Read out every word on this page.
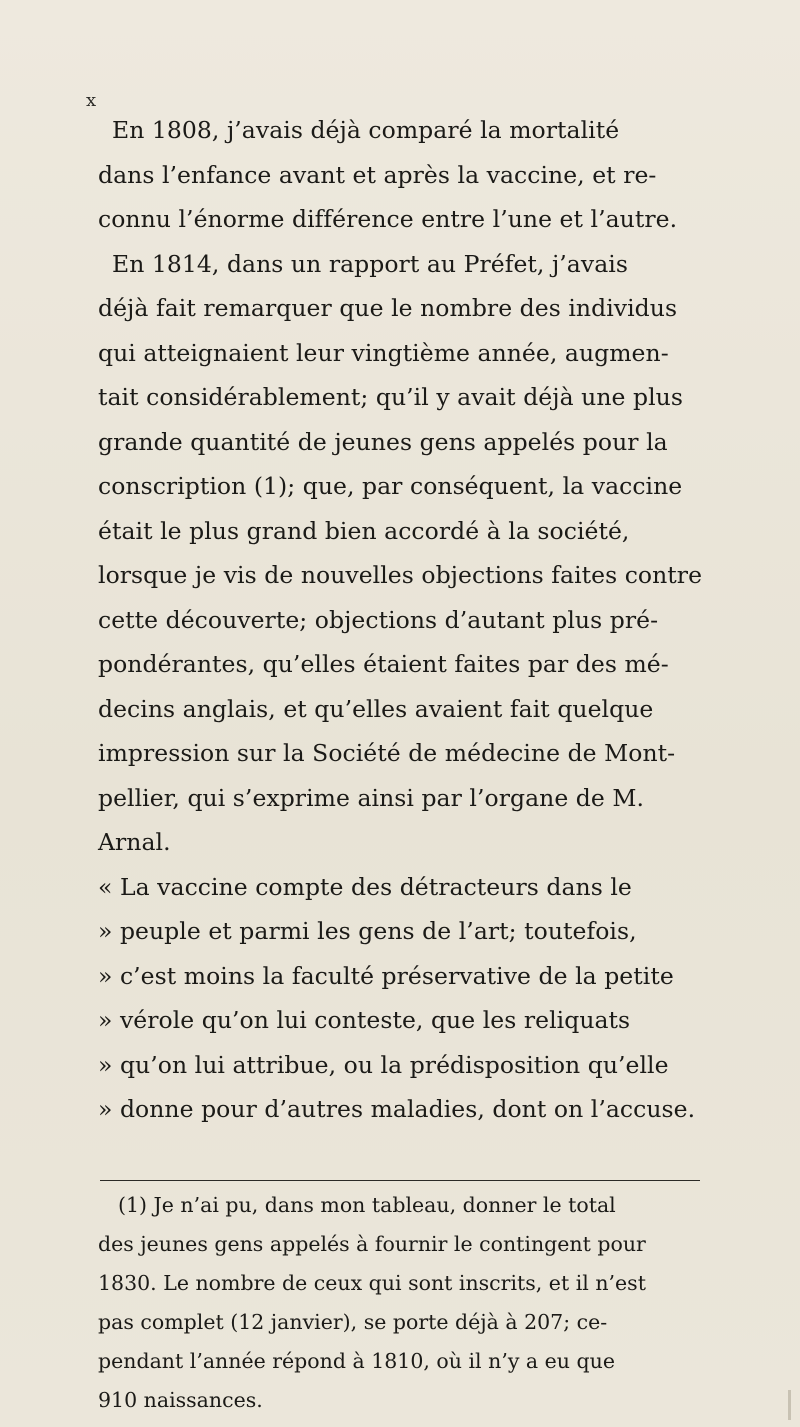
x
En 1808, j’avais déjà comparé la mortalité
dans l’enfance avant et après la vaccine, et re-
connu l’énorme différence entre l’une et l’autre.
En 1814, dans un rapport au Préfet, j’avais
déjà fait remarquer que le nombre des individus
qui atteignaient leur vingtième année, augmen-
tait considérablement; qu’il y avait déjà une plus
grande quantité de jeunes gens appelés pour la
conscription (1); que, par conséquent, la vaccine
était le plus grand bien accordé à la société,
lorsque je vis de nouvelles objections faites contre
cette découverte; objections d’autant plus pré-
pondérantes, qu’elles étaient faites par des mé-
decins anglais, et qu’elles avaient fait quelque
impression sur la Société de médecine de Mont-
pellier, qui s’exprime ainsi par l’organe de M.
Arnal.
« La vaccine compte des détracteurs dans le
» peuple et parmi les gens de l’art; toutefois,
» c’est moins la faculté préservative de la petite
» vérole qu’on lui conteste, que les reliquats
» qu’on lui attribue, ou la prédisposition qu’elle
» donne pour d’autres maladies, dont on l’accuse.
(1) Je n’ai pu, dans mon tableau, donner le total
des jeunes gens appelés à fournir le contingent pour
1830. Le nombre de ceux qui sont inscrits, et il n’est
pas complet (12 janvier), se porte déjà à 207; ce-
pendant l’année répond à 1810, où il n’y a eu que
910 naissances.
